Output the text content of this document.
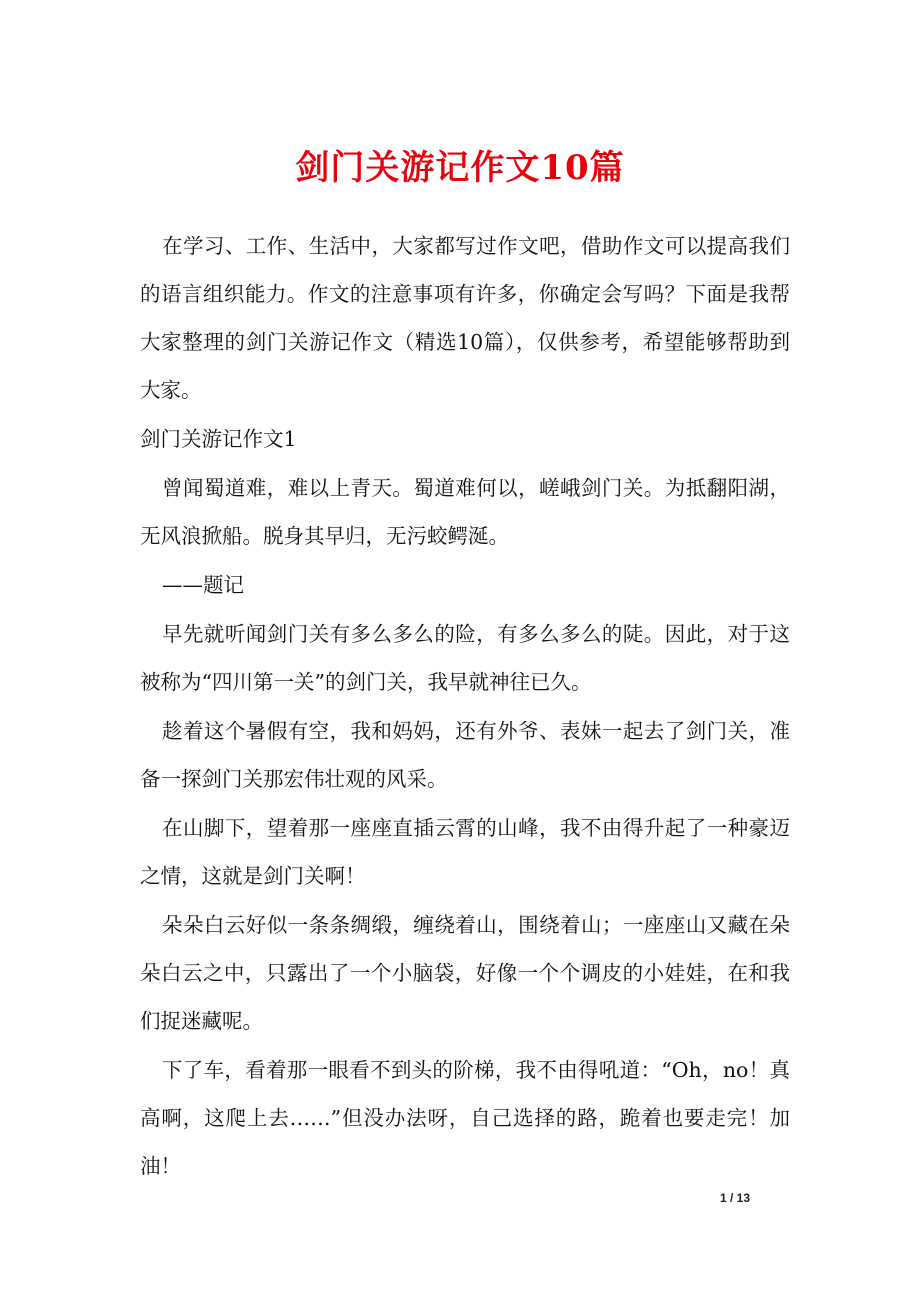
剑门关游记作文10篇

在学习、工作、生活中，大家都写过作文吧，借助作文可以提高我们的语言组织能力。作文的注意事项有许多，你确定会写吗？下面是我帮大家整理的剑门关游记作文（精选10篇），仅供参考，希望能够帮助到大家。

剑门关游记作文1

曾闻蜀道难，难以上青天。蜀道难何以，嵯峨剑门关。为抵翻阳湖，无风浪掀船。脱身其早归，无污蛟鳄涎。

——题记

早先就听闻剑门关有多么多么的险，有多么多么的陡。因此，对于这被称为“四川第一关”的剑门关，我早就神往已久。

趁着这个暑假有空，我和妈妈，还有外爷、表妹一起去了剑门关，准备一探剑门关那宏伟壮观的风采。

在山脚下，望着那一座座直插云霄的山峰，我不由得升起了一种豪迈之情，这就是剑门关啊！

朵朵白云好似一条条绸缎，缠绕着山，围绕着山；一座座山又藏在朵朵白云之中，只露出了一个小脑袋，好像一个个调皮的小娃娃，在和我们捉迷藏呢。

下了车，看着那一眼看不到头的阶梯，我不由得吼道：“Oh，no！真高啊，这爬上去……”但没办法呀，自己选择的路，跪着也要走完！加油！

1 / 13
